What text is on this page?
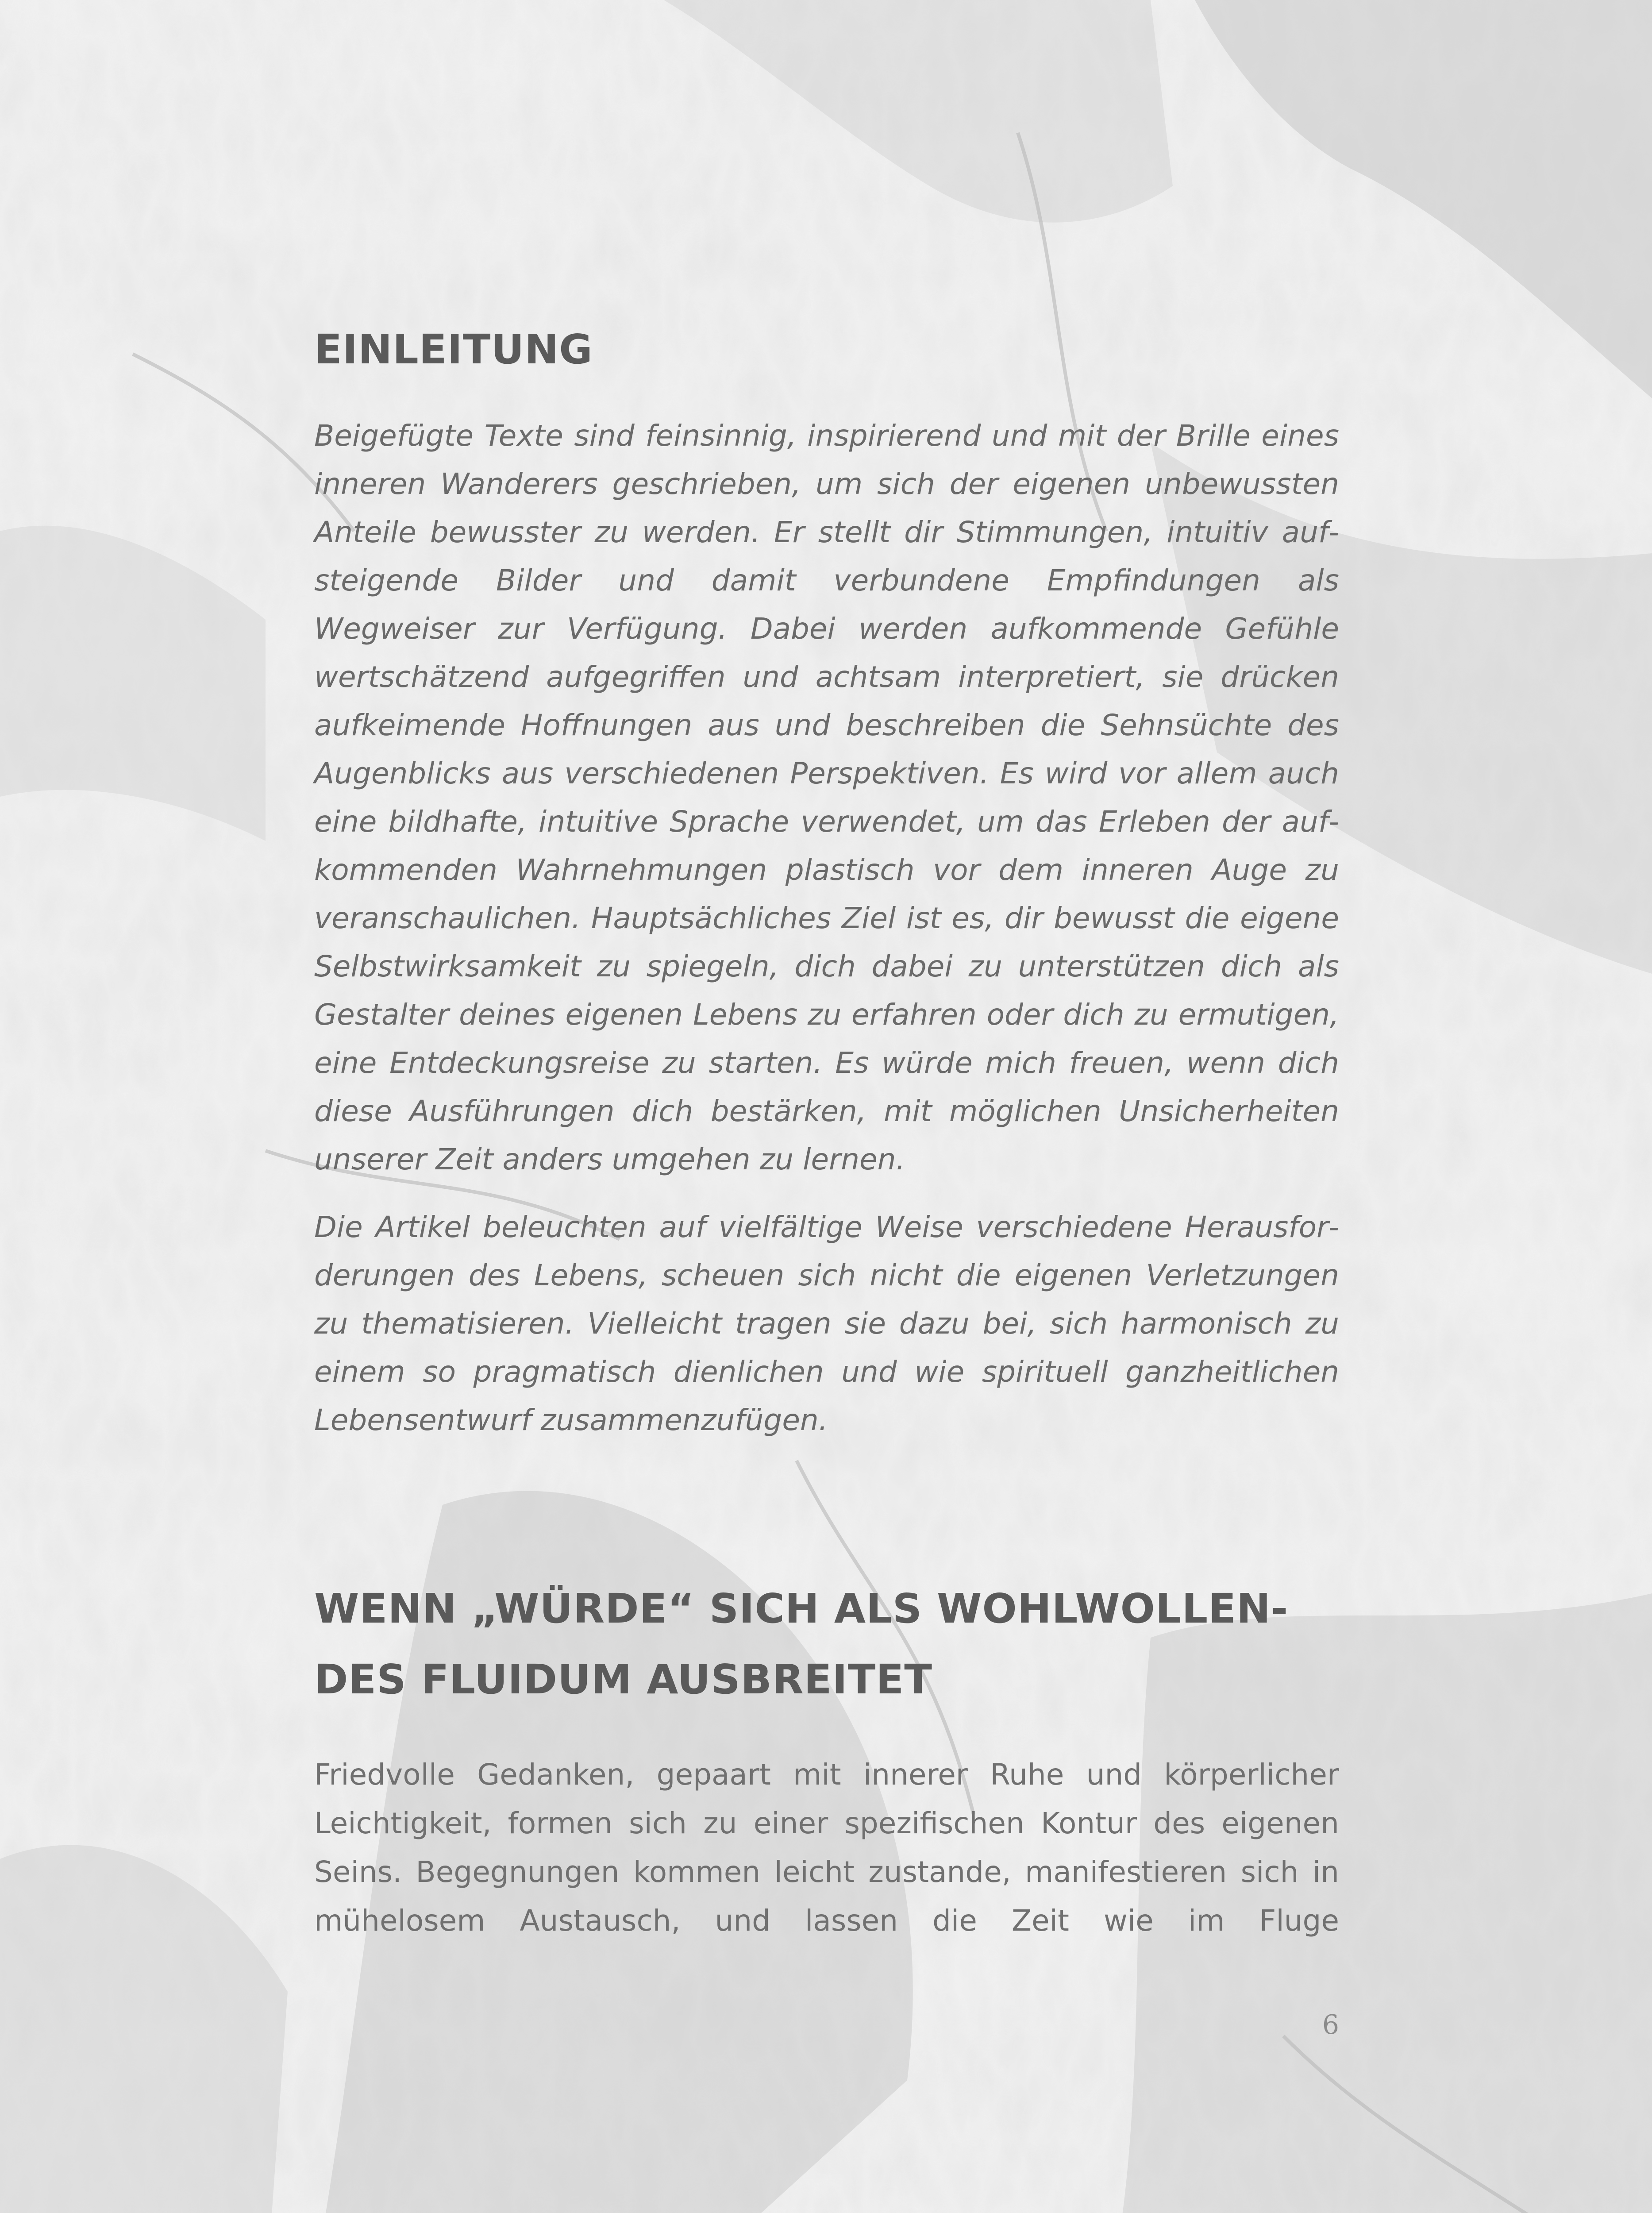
EINLEITUNG

Beigefügte Texte sind feinsinnig, inspirierend und mit der Brille eines inneren Wanderers geschrieben, um sich der eigenen unbewussten Anteile bewusster zu werden. Er stellt dir Stimmungen, intuitiv aufsteigende Bilder und damit verbundene Empfindungen als Wegweiser zur Verfügung. Dabei werden aufkommende Gefühle wertschätzend aufgegriffen und achtsam interpretiert, sie drücken aufkeimende Hoffnungen aus und beschreiben die Sehnsüchte des Augenblicks aus verschiedenen Perspektiven. Es wird vor allem auch eine bildhafte, intuitive Sprache verwendet, um das Erleben der aufkommenden Wahrnehmungen plastisch vor dem inneren Auge zu veranschaulichen. Hauptsächliches Ziel ist es, dir bewusst die eigene Selbstwirksamkeit zu spiegeln, dich dabei zu unterstützen dich als Gestalter deines eigenen Lebens zu erfahren oder dich zu ermutigen, eine Entdeckungsreise zu starten. Es würde mich freuen, wenn dich diese Ausführungen dich bestärken, mit möglichen Unsicherheiten unserer Zeit anders umgehen zu lernen.

Die Artikel beleuchten auf vielfältige Weise verschiedene Herausforderungen des Lebens, scheuen sich nicht die eigenen Verletzungen zu thematisieren. Vielleicht tragen sie dazu bei, sich harmonisch zu einem so pragmatisch dienlichen und wie spirituell ganzheitlichen Lebensentwurf zusammenzufügen.

WENN „WÜRDE“ SICH ALS WOHLWOLLEN-
DES FLUIDUM AUSBREITET

Friedvolle Gedanken, gepaart mit innerer Ruhe und körperlicher Leichtigkeit, formen sich zu einer spezifischen Kontur des eigenen Seins. Begegnungen kommen leicht zustande, manifestieren sich in mühelosem Austausch, und lassen die Zeit wie im Fluge

6
